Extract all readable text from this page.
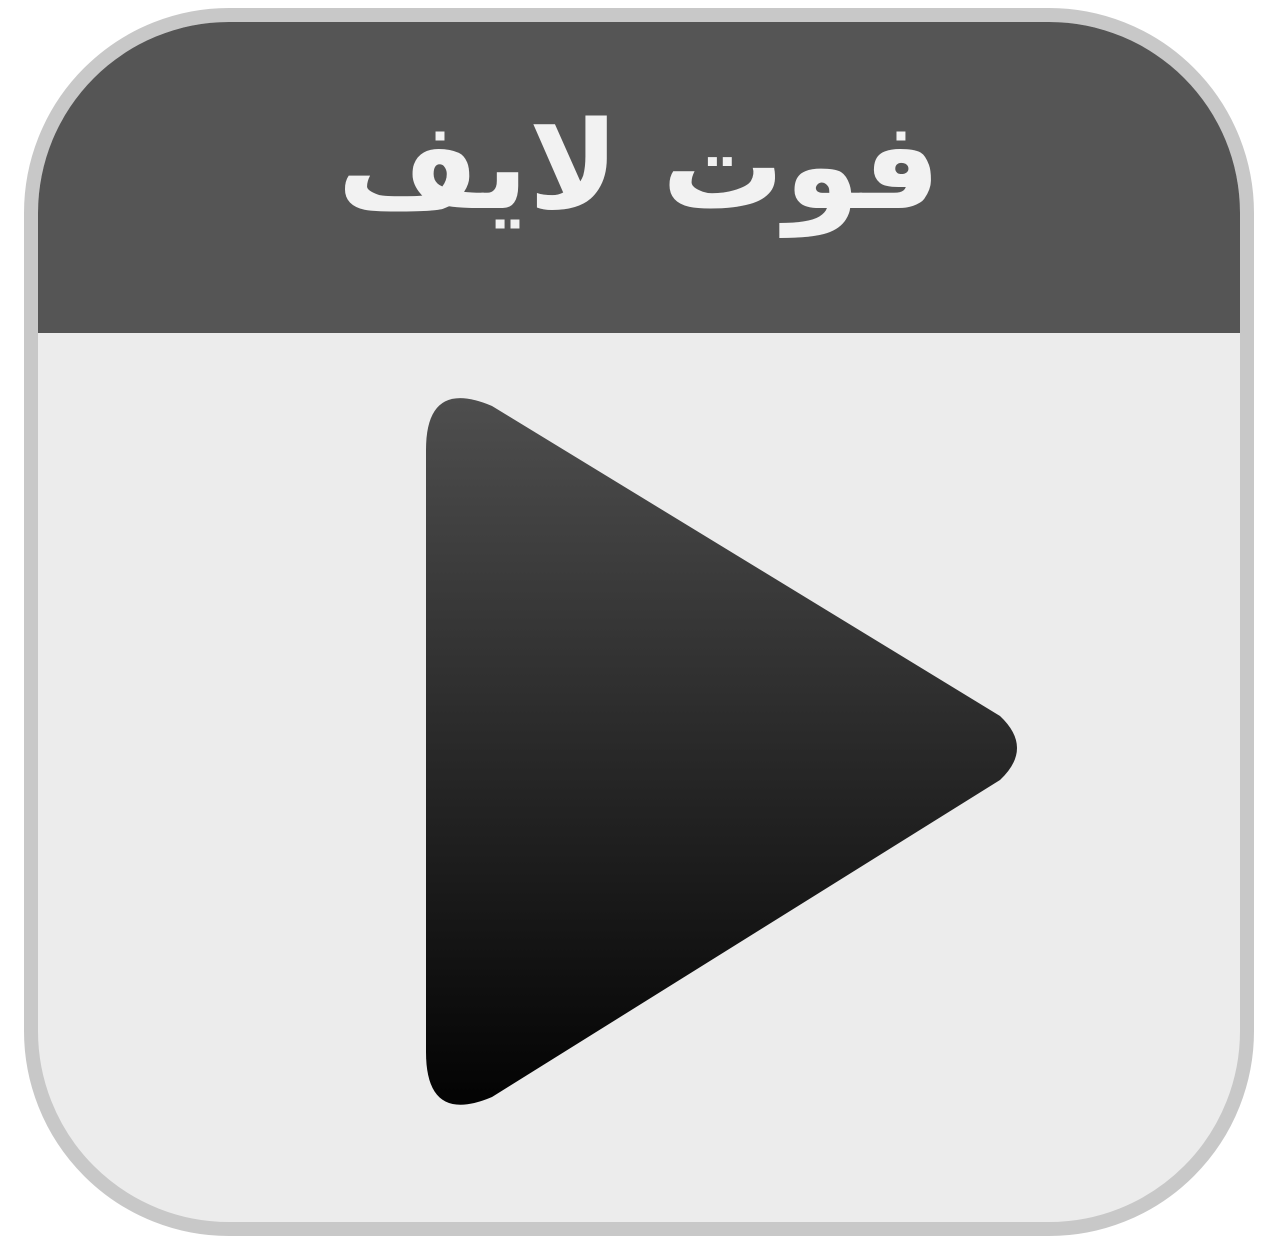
فوت لايف
